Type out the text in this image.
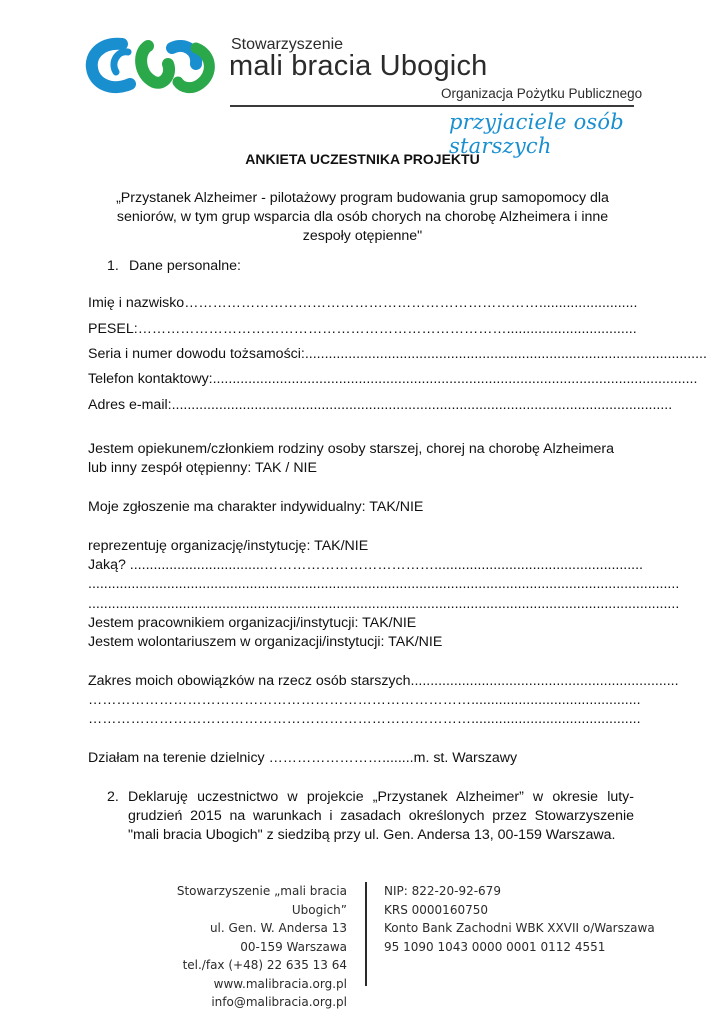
Stowarzyszenie
mali bracia Ubogich
Organizacja Pożytku Publicznego
przyjaciele osób starszych
ANKIETA UCZESTNIKA PROJEKTU
„Przystanek Alzheimer - pilotażowy program budowania grup samopomocy dla seniorów, w tym grup wsparcia dla osób chorych na chorobę Alzheimera i inne zespoły otępienne"
1. Dane personalne:
Imię i nazwisko………………………………………………………………….........................
PESEL:…………………………………………………………………….................................
Seria i numer dowodu tożsamości:......................................................................................................
Telefon kontaktowy:...........................................................................................................................
Adres e-mail:...............................................................................................................................
Jestem opiekunem/członkiem rodziny osoby starszej, chorej na chorobę Alzheimera lub inny zespół otępienny: TAK / NIE
Moje zgłoszenie ma charakter indywidualny: TAK/NIE
reprezentuję organizację/instytucję: TAK/NIE
Jaką? ..................................……………………………….....................................................
......................................................................................................................................................
......................................................................................................................................................
Jestem pracownikiem organizacji/instytucji: TAK/NIE
Jestem wolontariuszem w organizacji/instytucji: TAK/NIE
Zakres moich obowiązków na rzecz osób starszych....................................................................
………………………………………………………………………...........................................
………………………………………………………………………...........................................
Działam na terenie dzielnicy ……………………........m. st. Warszawy
2. Deklaruję uczestnictwo w projekcie „Przystanek Alzheimer” w okresie luty-grudzień 2015 na warunkach i zasadach określonych przez Stowarzyszenie "mali bracia Ubogich" z siedzibą przy ul. Gen. Andersa 13, 00-159 Warszawa.
Stowarzyszenie „mali bracia Ubogich”
ul. Gen. W. Andersa 13
00-159 Warszawa
tel./fax (+48) 22 635 13 64
www.malibracia.org.pl
info@malibracia.org.pl
NIP: 822-20-92-679
KRS 0000160750
Konto Bank Zachodni WBK XXVII o/Warszawa
95 1090 1043 0000 0001 0112 4551
